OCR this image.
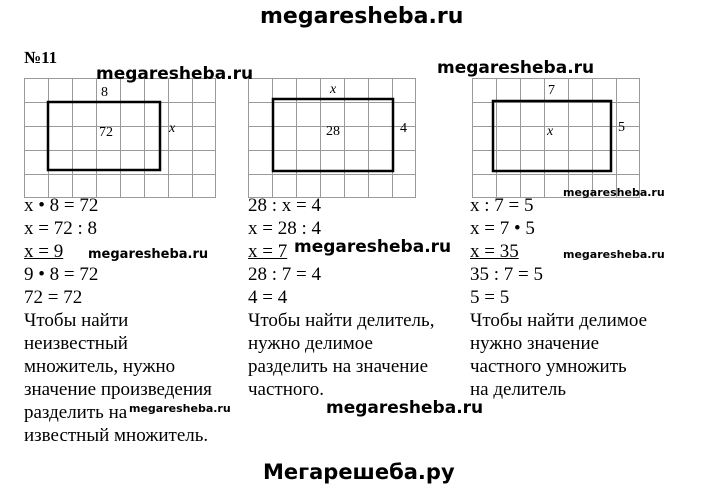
megaresheba.ru
№11
8
72	x
x
28	4
7
x	5
megaresheba.ru	megaresheba.ru
megaresheba.ru
x • 8 = 72
x = 72 : 8
x = 9
9 • 8 = 72
72 = 72
Чтобы найти
неизвестный
множитель, нужно
значение произведения
разделить на
известный множитель.
28 : x = 4
x = 28 : 4
x = 7
28 : 7 = 4
4 = 4
Чтобы найти делитель,
нужно делимое
разделить на значение
частного.
x : 7 = 5
x = 7 • 5
x = 35
35 : 7 = 5
5 = 5
Чтобы найти делимое
нужно значение
частного умножить
на делитель
megaresheba.ru	megaresheba.ru	megaresheba.ru
megaresheba.ru
megaresheba.ru
Мегарешеба.ру
